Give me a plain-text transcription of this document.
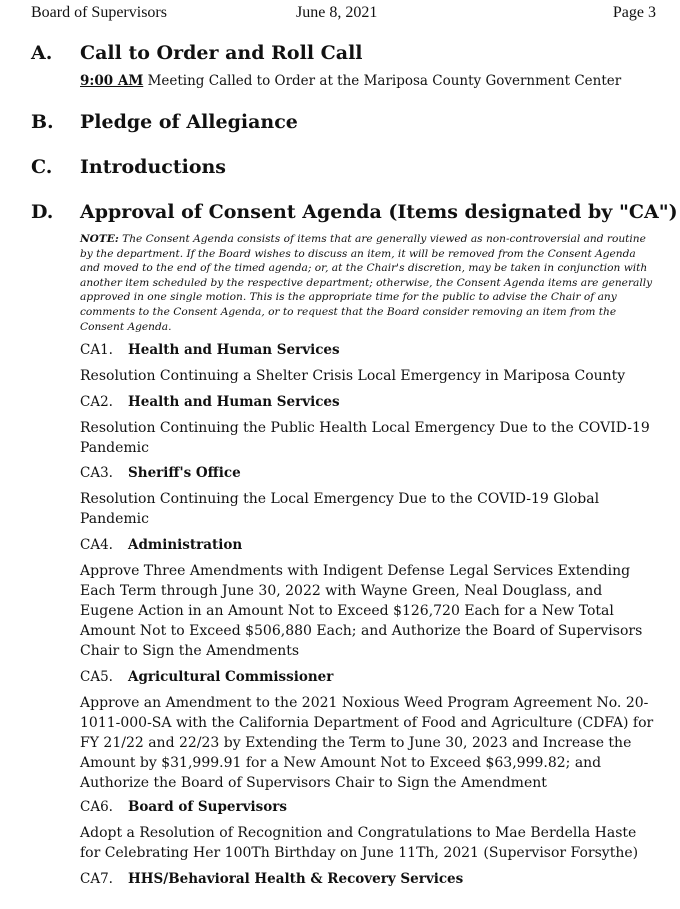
Board of Supervisors	June 8, 2021	Page 3
A. Call to Order and Roll Call
9:00 AM Meeting Called to Order at the Mariposa County Government Center
B. Pledge of Allegiance
C. Introductions
D. Approval of Consent Agenda (Items designated by "CA")

NOTE: The Consent Agenda consists of items that are generally viewed as non-controversial and routine by the department. If the Board wishes to discuss an item, it will be removed from the Consent Agenda and moved to the end of the timed agenda; or, at the Chair's discretion, may be taken in conjunction with another item scheduled by the respective department; otherwise, the Consent Agenda items are generally approved in one single motion. This is the appropriate time for the public to advise the Chair of any comments to the Consent Agenda, or to request that the Board consider removing an item from the Consent Agenda.

CA1. Health and Human Services
Resolution Continuing a Shelter Crisis Local Emergency in Mariposa County
CA2. Health and Human Services
Resolution Continuing the Public Health Local Emergency Due to the COVID-19 Pandemic
CA3. Sheriff's Office
Resolution Continuing the Local Emergency Due to the COVID-19 Global Pandemic
CA4. Administration
Approve Three Amendments with Indigent Defense Legal Services Extending Each Term through June 30, 2022 with Wayne Green, Neal Douglass, and Eugene Action in an Amount Not to Exceed $126,720 Each for a New Total Amount Not to Exceed $506,880 Each; and Authorize the Board of Supervisors Chair to Sign the Amendments
CA5. Agricultural Commissioner
Approve an Amendment to the 2021 Noxious Weed Program Agreement No. 20-1011-000-SA with the California Department of Food and Agriculture (CDFA) for FY 21/22 and 22/23 by Extending the Term to June 30, 2023 and Increase the Amount by $31,999.91 for a New Amount Not to Exceed $63,999.82; and Authorize the Board of Supervisors Chair to Sign the Amendment
CA6. Board of Supervisors
Adopt a Resolution of Recognition and Congratulations to Mae Berdella Haste for Celebrating Her 100Th Birthday on June 11Th, 2021 (Supervisor Forsythe)
CA7. HHS/Behavioral Health & Recovery Services
